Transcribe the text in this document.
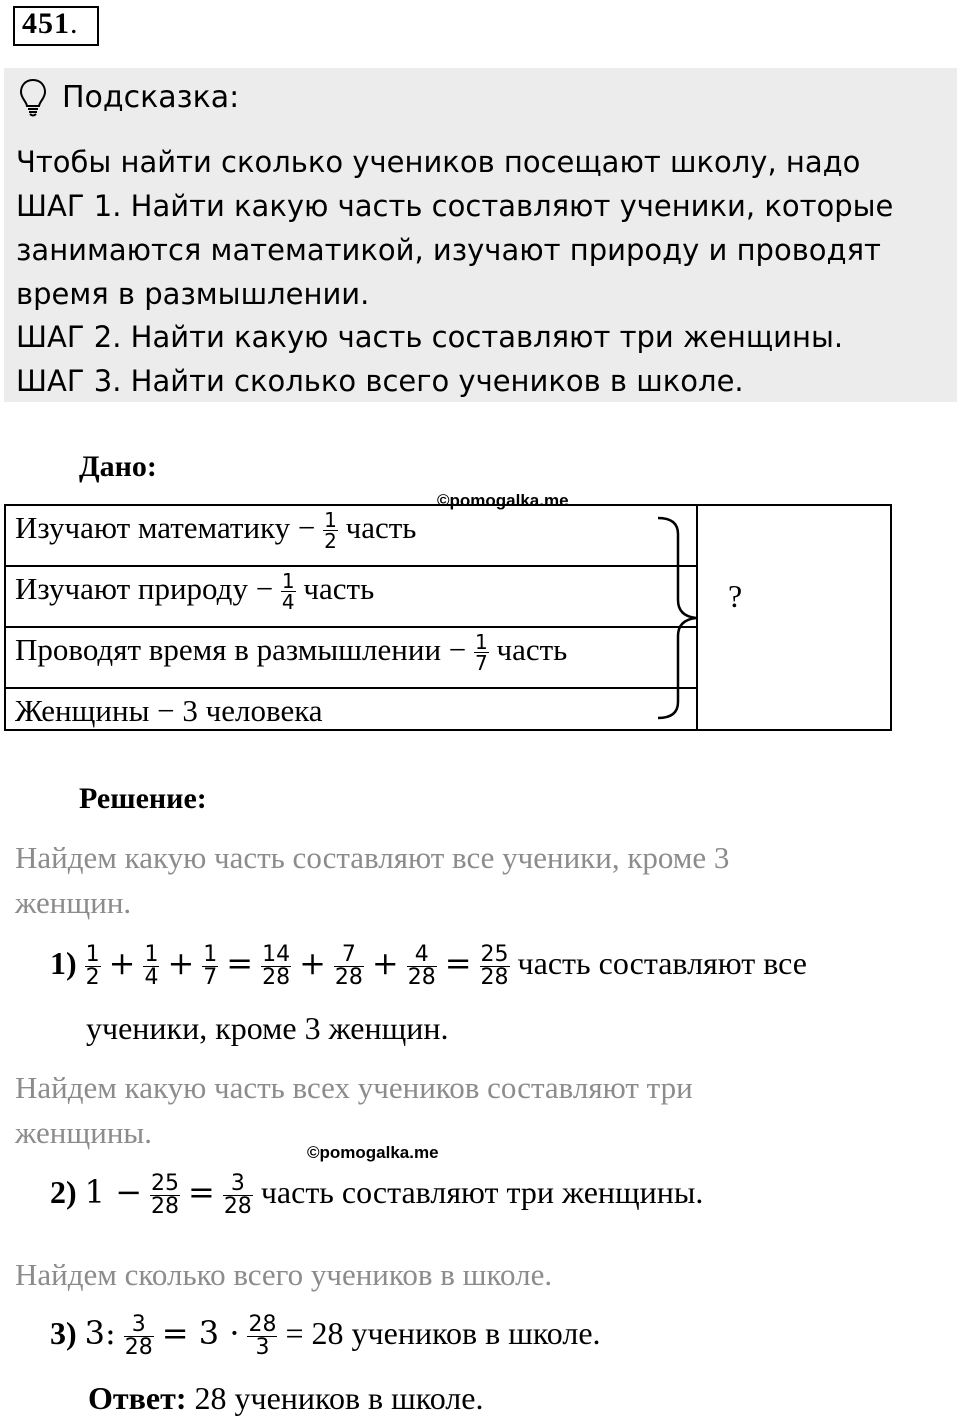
451.
Подсказка:
Чтобы найти сколько учеников посещают школу, надо
ШАГ 1. Найти какую часть составляют ученики, которые
занимаются математикой, изучают природу и проводят
время в размышлении.
ШАГ 2. Найти какую часть составляют три женщины.
ШАГ 3. Найти сколько всего учеников в школе.
Дано:
©pomogalka.me
Изучают математику − $\frac{1}{2}$ часть
Изучают природу − $\frac{1}{4}$ часть
Проводят время в размышлении − $\frac{1}{7}$ часть
Женщины − 3 человека
?
Решение:
Найдем какую часть составляют все ученики, кроме 3
женщин.
$1) \frac{1}{2} + \frac{1}{4} + \frac{1}{7} = \frac{14}{28} + \frac{7}{28} + \frac{4}{28} = \frac{25}{28}$ часть составляют все
ученики, кроме 3 женщин.
Найдем какую часть всех учеников составляют три
женщины.
©pomogalka.me
2) $1 - \frac{25}{28} = \frac{3}{28}$ часть составляют три женщины.
Найдем сколько всего учеников в школе.
3) 3: $\frac{3}{28} = 3 \cdot \frac{28}{3} = 28$ учеников в школе.
Ответ: 28 учеников в школе.
